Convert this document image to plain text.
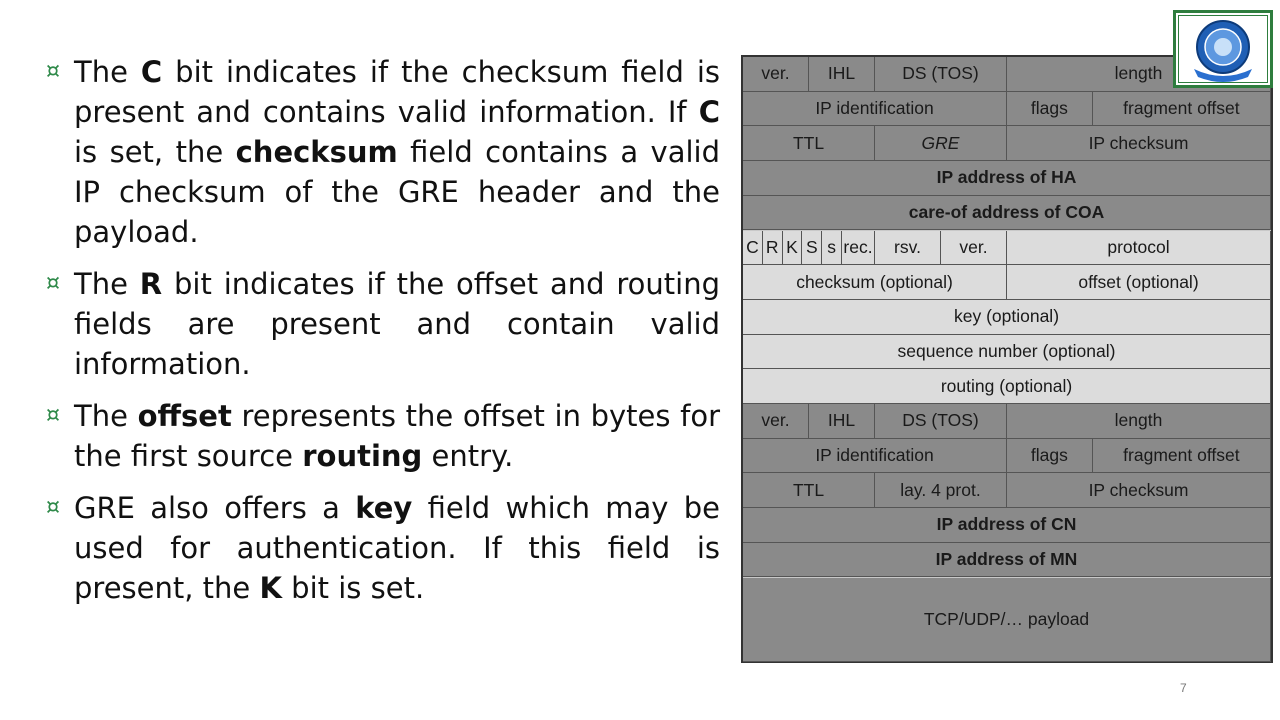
¤ The C bit indicates if the checksum field is present and contains valid information. If C is set, the checksum field contains a valid IP checksum of the GRE header and the payload.
¤ The R bit indicates if the offset and routing fields are present and contain valid information.
¤ The offset represents the offset in bytes for the first source routing entry.
¤ GRE also offers a key field which may be used for authentication. If this field is present, the K bit is set.
ver.	IHL	DS (TOS)	length
IP identification	flags	fragment offset
TTL	GRE	IP checksum
IP address of HA
care-of address of COA
C R K S s rec.	rsv.	ver.	protocol
checksum (optional)	offset (optional)
key (optional)
sequence number (optional)
routing (optional)
ver.	IHL	DS (TOS)	length
IP identification	flags	fragment offset
TTL	lay. 4 prot.	IP checksum
IP address of CN
IP address of MN
TCP/UDP/… payload
7
